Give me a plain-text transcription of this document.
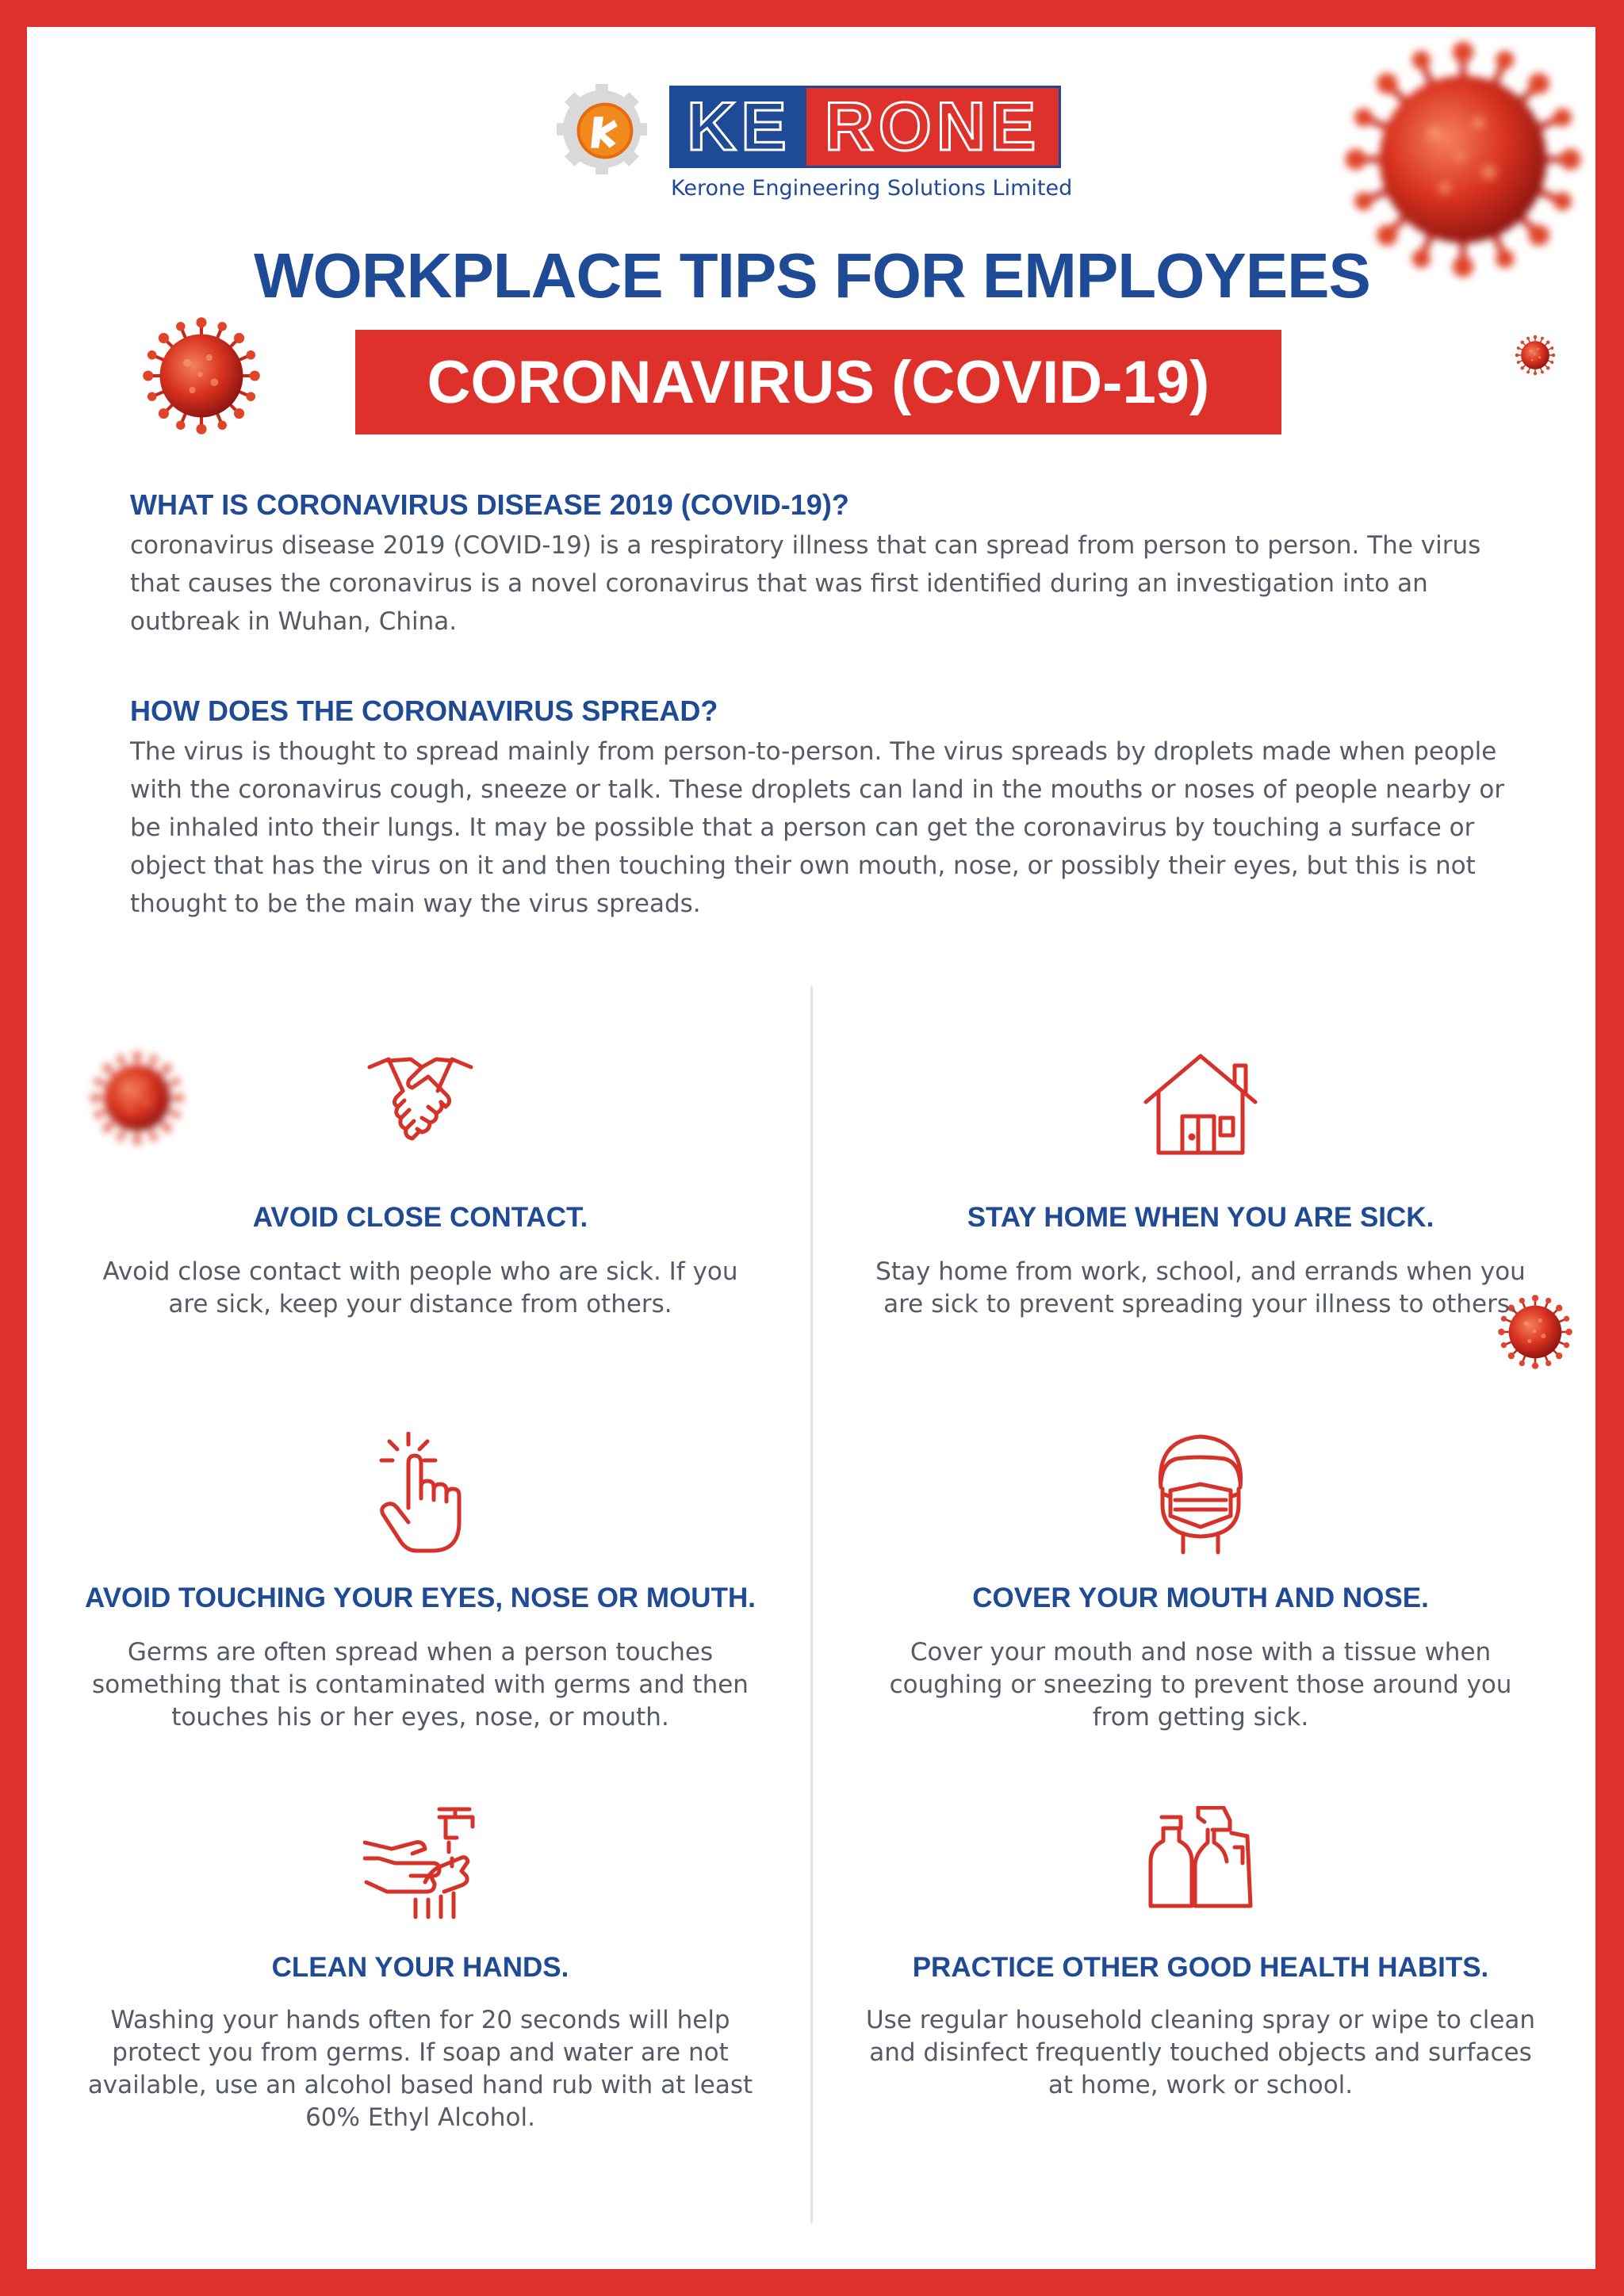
KE RONE
Kerone Engineering Solutions Limited
WORKPLACE TIPS FOR EMPLOYEES
CORONAVIRUS (COVID-19)
WHAT IS CORONAVIRUS DISEASE 2019 (COVID-19)?

coronavirus disease 2019 (COVID-19) is a respiratory illness that can spread from person to person. The virus that causes the coronavirus is a novel coronavirus that was first identified during an investigation into an outbreak in Wuhan, China.

HOW DOES THE CORONAVIRUS SPREAD?

The virus is thought to spread mainly from person-to-person. The virus spreads by droplets made when people with the coronavirus cough, sneeze or talk. These droplets can land in the mouths or noses of people nearby or be inhaled into their lungs. It may be possible that a person can get the coronavirus by touching a surface or object that has the virus on it and then touching their own mouth, nose, or possibly their eyes, but this is not thought to be the main way the virus spreads.

AVOID CLOSE CONTACT.

Avoid close contact with people who are sick. If you are sick, keep your distance from others.

STAY HOME WHEN YOU ARE SICK.

Stay home from work, school, and errands when you are sick to prevent spreading your illness to others.

AVOID TOUCHING YOUR EYES, NOSE OR MOUTH.

Germs are often spread when a person touches something that is contaminated with germs and then touches his or her eyes, nose, or mouth.

COVER YOUR MOUTH AND NOSE.

Cover your mouth and nose with a tissue when coughing or sneezing to prevent those around you from getting sick.

CLEAN YOUR HANDS.

Washing your hands often for 20 seconds will help protect you from germs. If soap and water are not available, use an alcohol based hand rub with at least 60% Ethyl Alcohol.

PRACTICE OTHER GOOD HEALTH HABITS.

Use regular household cleaning spray or wipe to clean and disinfect frequently touched objects and surfaces at home, work or school.
